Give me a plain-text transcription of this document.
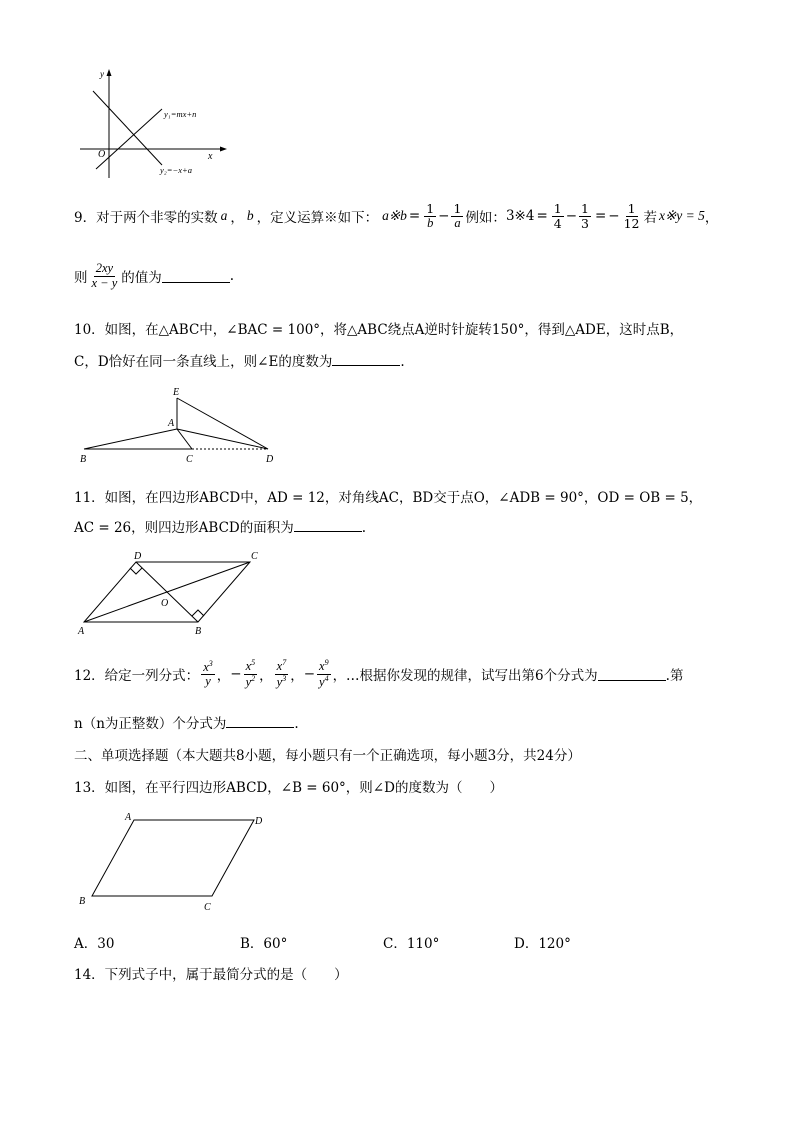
y
x
O
y₁=mx+n
y₂=−x+a
9．对于两个非零的实数 a ， b ，定义运算※如下： a※b = $\frac{1}{b} - \frac{1}{a}$ 例如： 3※4 = $\frac{1}{4} - \frac{1}{3}$ = − $\frac{1}{12}$ 若 x※y = 5 ，
则 $\frac{2xy}{x - y}$ 的值为	.
10．如图，在△ABC中，∠BAC = 100°，将△ABC绕点A逆时针旋转150°，得到△ADE，这时点B，
C，D恰好在同一条直线上，则∠E的度数为	.
E
A
B	C	D
11．如图，在四边形ABCD中，AD = 12，对角线AC，BD交于点O，∠ADB = 90°，OD = OB = 5，
AC = 26，则四边形ABCD的面积为	.
D	C
O
A	B
12．给定一列分式： $\frac{x^3}{y}$ ， − $\frac{x^5}{y^2}$ ， $\frac{x^7}{y^3}$ ， − $\frac{x^9}{y^4}$ ，…根据你发现的规律，试写出第6个分式为	.第
n（n为正整数）个分式为	.
二、单项选择题（本大题共8小题，每小题只有一个正确选项，每小题3分，共24分）
13．如图，在平行四边形ABCD，∠B = 60°，则∠D的度数为（　　）
A	D
B
C
A．30	B．60°	C．110°	D．120°
14．下列式子中，属于最简分式的是（　　）
